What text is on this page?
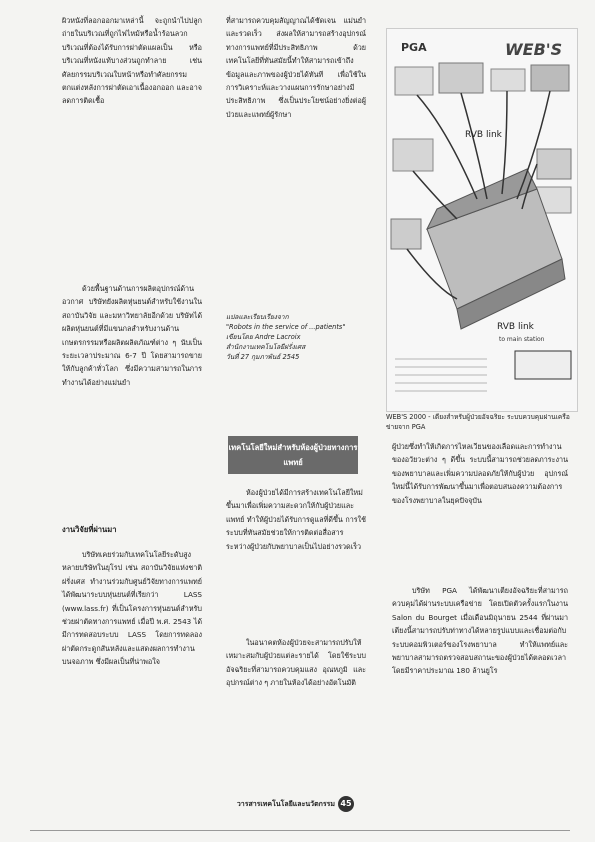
ผิวหนังที่ลอกออกมาเหล่านี้ จะถูกนำไปปลูกถ่ายในบริเวณที่ถูกไฟไหม้หรือน้ำร้อนลวก บริเวณที่ต้องได้รับการผ่าตัดแผลเป็น หรือบริเวณที่หนังแท้บางส่วนถูกทำลาย เช่น ศัลยกรรมบริเวณใบหน้าหรือทำศัลยกรรมตกแต่งหลังการผ่าตัดเอาเนื้องอกออก และอาจลดการติดเชื้อ

ด้วยพื้นฐานด้านการผลิตอุปกรณ์ด้านอวกาศ บริษัทยังผลิตหุ่นยนต์สำหรับใช้งานในสถาบันวิจัย และมหาวิทยาลัยอีกด้วย บริษัทได้ผลิตหุ่นยนต์ที่มีแขนกลสำหรับงานด้านเกษตรกรรมหรือผลิตผลิตภัณฑ์ต่าง ๆ นับเป็นระยะเวลาประมาณ 6-7 ปี โดยสามารถขายให้กับลูกค้าทั่วโลก ซึ่งมีความสามารถในการทำงานได้อย่างแม่นยำ

งานวิจัยที่ผ่านมา

บริษัทเคยร่วมกับเทคโนโลยีระดับสูงหลายบริษัทในยุโรป เช่น สถาบันวิจัยแห่งชาติฝรั่งเศส ทำงานร่วมกับศูนย์วิจัยทางการแพทย์ได้พัฒนาระบบหุ่นยนต์ที่เรียกว่า LASS (www.lass.fr) ที่เป็นโครงการหุ่นยนต์สำหรับช่วยผ่าตัดทางการแพทย์ เมื่อปี พ.ศ. 2543 ได้มีการทดสอบระบบ LASS โดยการทดลองผ่าตัดกระดูกสันหลังและแสดงผลการทำงานบนจอภาพ ซึ่งมีผลเป็นที่น่าพอใจ

ที่สามารถควบคุมสัญญาณได้ชัดเจน แม่นยำและรวดเร็ว ส่งผลให้สามารถสร้างอุปกรณ์ทางการแพทย์ที่มีประสิทธิภาพ ด้วยเทคโนโลยีที่ทันสมัยนี้ทำให้สามารถเข้าถึงข้อมูลและภาพของผู้ป่วยได้ทันที เพื่อใช้ในการวิเคราะห์และวางแผนการรักษาอย่างมีประสิทธิภาพ ซึ่งเป็นประโยชน์อย่างยิ่งต่อผู้ป่วยและแพทย์ผู้รักษา

แปลและเรียบเรียงจาก
"Robots in the service of ...patients"
เขียนโดย Andre Lacroix
สำนักงานเทคโนโลยีฝรั่งเศส
วันที่ 27 กุมภาพันธ์ 2545
เทคโนโลยีใหม่สำหรับห้องผู้ป่วยทางการแพทย์

ห้องผู้ป่วยได้มีการสร้างเทคโนโลยีใหม่ขึ้นมาเพื่อเพิ่มความสะดวกให้กับผู้ป่วยและแพทย์ ทำให้ผู้ป่วยได้รับการดูแลที่ดีขึ้น การใช้ระบบที่ทันสมัยช่วยให้การติดต่อสื่อสารระหว่างผู้ป่วยกับพยาบาลเป็นไปอย่างรวดเร็ว

ในอนาคตห้องผู้ป่วยจะสามารถปรับให้เหมาะสมกับผู้ป่วยแต่ละรายได้ โดยใช้ระบบอัจฉริยะที่สามารถควบคุมแสง อุณหภูมิ และอุปกรณ์ต่าง ๆ ภายในห้องได้อย่างอัตโนมัติ

PGA	WEB'S
RVB link
RVB link
to main station
WEB'S 2000 - เตียงสำหรับผู้ป่วยอัจฉริยะ ระบบควบคุมผ่านเครือข่ายจาก PGA

ผู้ป่วยซึ่งทำให้เกิดการไหลเวียนของเลือดและการทำงานของอวัยวะต่าง ๆ ดีขึ้น ระบบนี้สามารถช่วยลดภาระงานของพยาบาลและเพิ่มความปลอดภัยให้กับผู้ป่วย อุปกรณ์ใหม่นี้ได้รับการพัฒนาขึ้นมาเพื่อตอบสนองความต้องการของโรงพยาบาลในยุคปัจจุบัน

บริษัท PGA ได้พัฒนาเตียงอัจฉริยะที่สามารถควบคุมได้ผ่านระบบเครือข่าย โดยเปิดตัวครั้งแรกในงาน Salon du Bourget เมื่อเดือนมิถุนายน 2544 ที่ผ่านมา เตียงนี้สามารถปรับท่าทางได้หลายรูปแบบและเชื่อมต่อกับระบบคอมพิวเตอร์ของโรงพยาบาล ทำให้แพทย์และพยาบาลสามารถตรวจสอบสถานะของผู้ป่วยได้ตลอดเวลา โดยมีราคาประมาณ 180 ล้านยูโร

วารสารเทคโนโลยีและนวัตกรรม 45
